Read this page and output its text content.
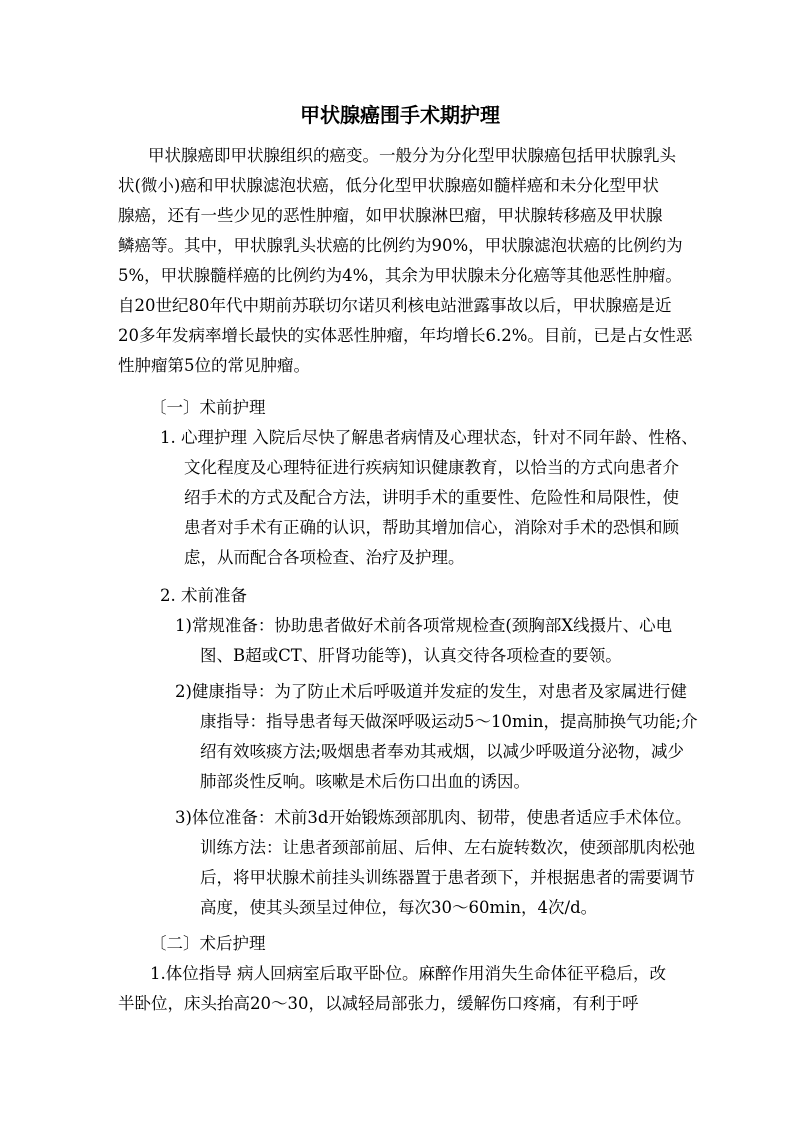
甲状腺癌围手术期护理
甲状腺癌即甲状腺组织的癌变。一般分为分化型甲状腺癌包括甲状腺乳头
状(微小)癌和甲状腺滤泡状癌，低分化型甲状腺癌如髓样癌和未分化型甲状
腺癌，还有一些少见的恶性肿瘤，如甲状腺淋巴瘤，甲状腺转移癌及甲状腺
鳞癌等。其中，甲状腺乳头状癌的比例约为90%，甲状腺滤泡状癌的比例约为
5%，甲状腺髓样癌的比例约为4%，其余为甲状腺未分化癌等其他恶性肿瘤。
自20世纪80年代中期前苏联切尔诺贝利核电站泄露事故以后，甲状腺癌是近
20多年发病率增长最快的实体恶性肿瘤，年均增长6.2%。目前，已是占女性恶
性肿瘤第5位的常见肿瘤。
〔一〕术前护理
1. 心理护理 入院后尽快了解患者病情及心理状态，针对不同年龄、性格、
文化程度及心理特征进行疾病知识健康教育，以恰当的方式向患者介
绍手术的方式及配合方法，讲明手术的重要性、危险性和局限性，使
患者对手术有正确的认识，帮助其增加信心，消除对手术的恐惧和顾
虑，从而配合各项检查、治疗及护理。
2. 术前准备
1)常规准备：协助患者做好术前各项常规检查(颈胸部X线摄片、心电
图、B超或CT、肝肾功能等)，认真交待各项检查的要领。
2)健康指导：为了防止术后呼吸道并发症的发生，对患者及家属进行健
康指导：指导患者每天做深呼吸运动5～10min，提高肺换气功能;介
绍有效咳痰方法;吸烟患者奉劝其戒烟，以减少呼吸道分泌物，减少
肺部炎性反响。咳嗽是术后伤口出血的诱因。
3)体位准备：术前3d开始锻炼颈部肌肉、韧带，使患者适应手术体位。
训练方法：让患者颈部前屈、后伸、左右旋转数次，使颈部肌肉松弛
后，将甲状腺术前挂头训练器置于患者颈下，并根据患者的需要调节
高度，使其头颈呈过伸位，每次30～60min，4次/d。
〔二〕术后护理
1.体位指导 病人回病室后取平卧位。麻醉作用消失生命体征平稳后，改
半卧位，床头抬高20～30，以减轻局部张力，缓解伤口疼痛，有利于呼
